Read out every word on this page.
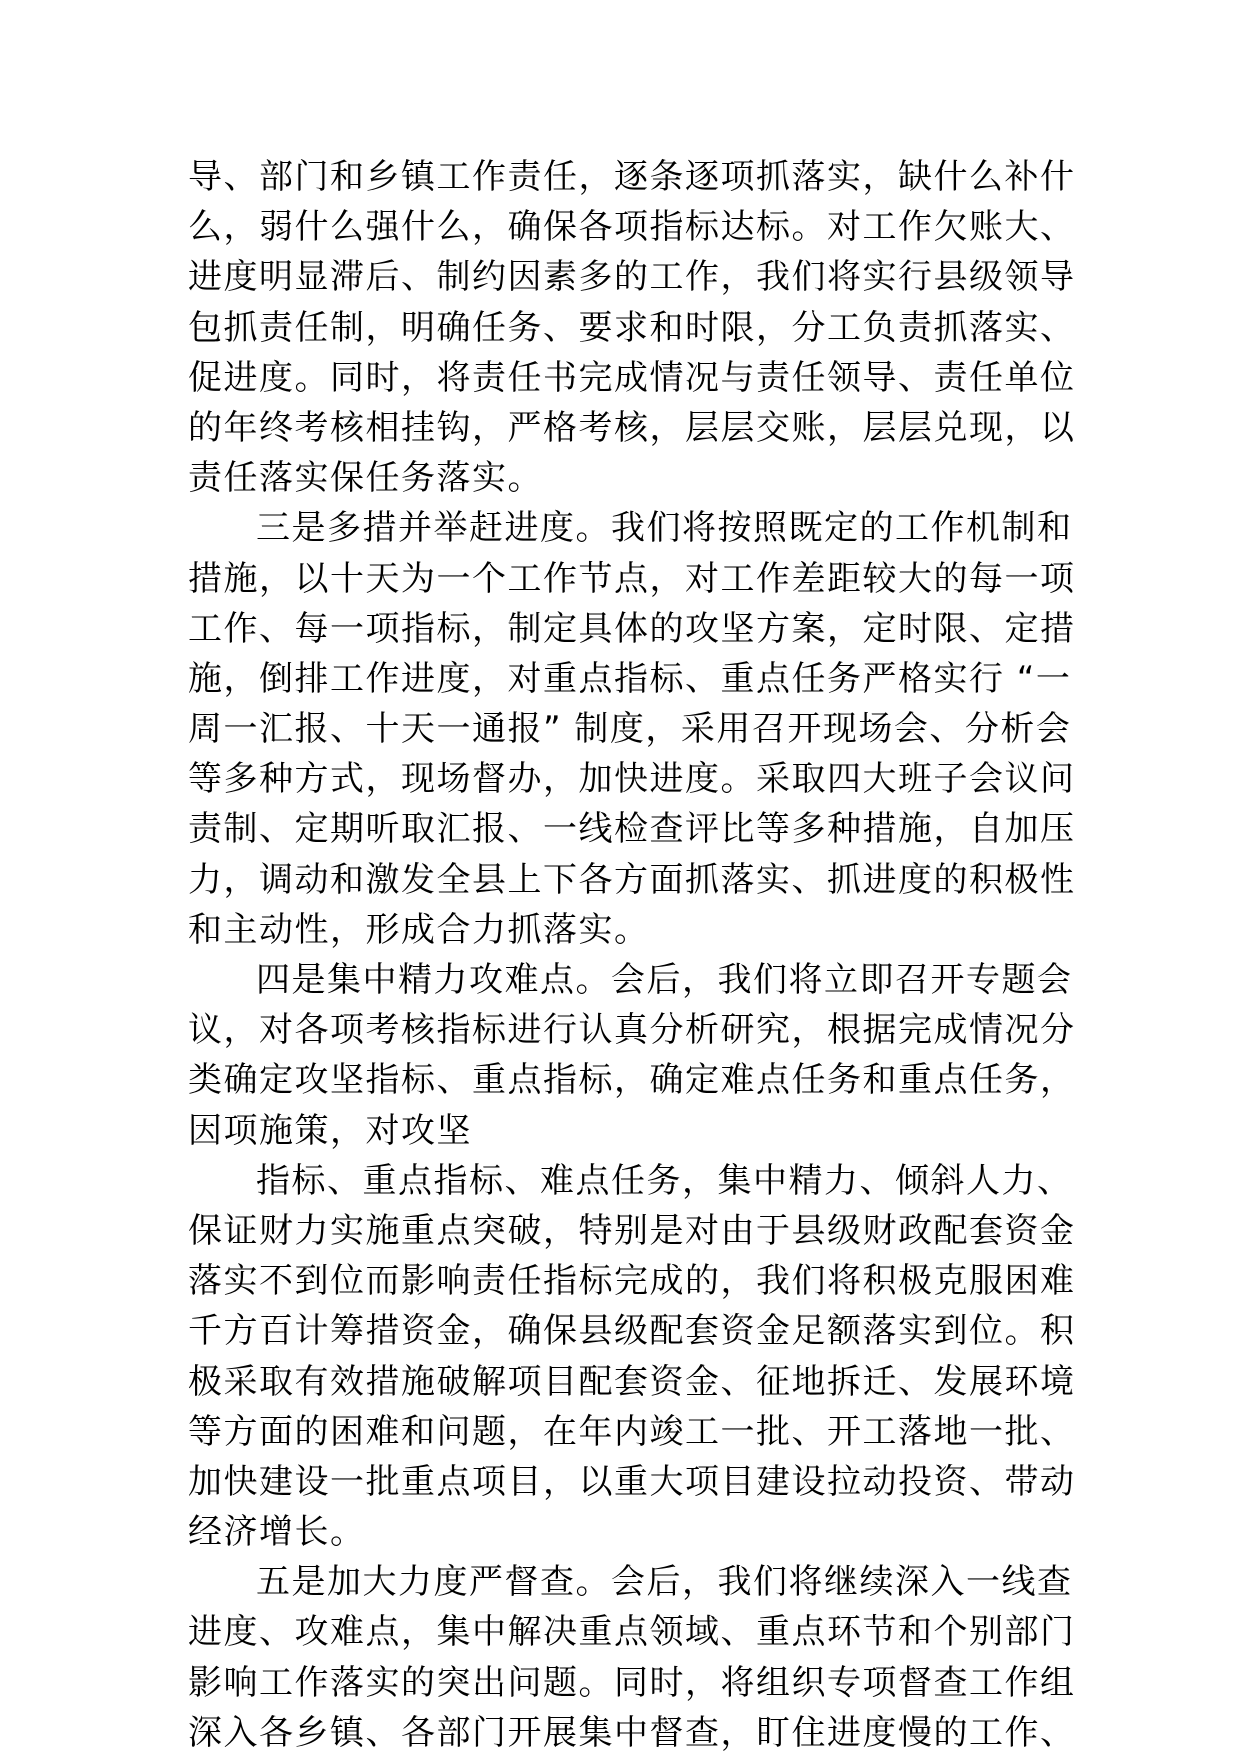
导、部门和乡镇工作责任，逐条逐项抓落实，缺什么补什
么，弱什么强什么，确保各项指标达标。对工作欠账大、
进度明显滞后、制约因素多的工作，我们将实行县级领导
包抓责任制，明确任务、要求和时限，分工负责抓落实、
促进度。同时，将责任书完成情况与责任领导、责任单位
的年终考核相挂钩，严格考核，层层交账，层层兑现，以
责任落实保任务落实。
三是多措并举赶进度。我们将按照既定的工作机制和
措施，以十天为一个工作节点，对工作差距较大的每一项
工作、每一项指标，制定具体的攻坚方案，定时限、定措
施，倒排工作进度，对重点指标、重点任务严格实行 “一
周一汇报、十天一通报” 制度，采用召开现场会、分析会
等多种方式，现场督办，加快进度。采取四大班子会议问
责制、定期听取汇报、一线检查评比等多种措施，自加压
力，调动和激发全县上下各方面抓落实、抓进度的积极性
和主动性，形成合力抓落实。
四是集中精力攻难点。会后，我们将立即召开专题会
议，对各项考核指标进行认真分析研究，根据完成情况分
类确定攻坚指标、重点指标，确定难点任务和重点任务，
因项施策，对攻坚
指标、重点指标、难点任务，集中精力、倾斜人力、
保证财力实施重点突破，特别是对由于县级财政配套资金
落实不到位而影响责任指标完成的，我们将积极克服困难
千方百计筹措资金，确保县级配套资金足额落实到位。积
极采取有效措施破解项目配套资金、征地拆迁、发展环境
等方面的困难和问题，在年内竣工一批、开工落地一批、
加快建设一批重点项目，以重大项目建设拉动投资、带动
经济增长。
五是加大力度严督查。会后，我们将继续深入一线查
进度、攻难点，集中解决重点领域、重点环节和个别部门
影响工作落实的突出问题。同时，将组织专项督查工作组
深入各乡镇、各部门开展集中督查，盯住进度慢的工作、
